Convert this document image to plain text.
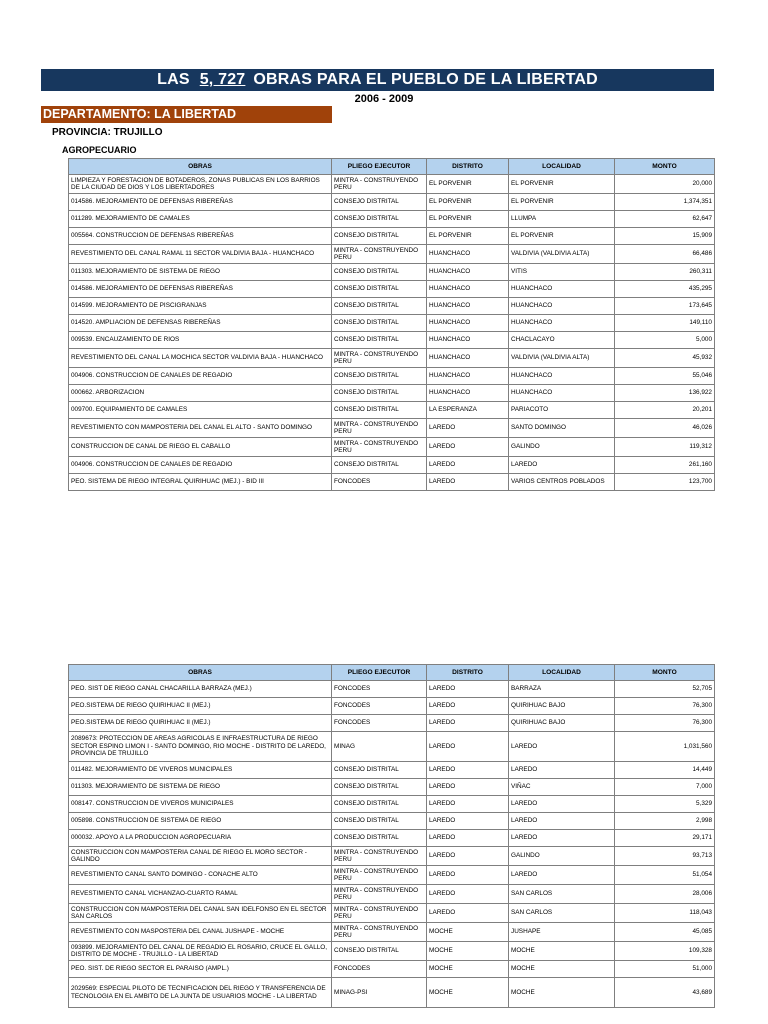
LAS 5, 727 OBRAS PARA EL PUEBLO DE LA LIBERTAD
2006 - 2009
DEPARTAMENTO: LA LIBERTAD
PROVINCIA: TRUJILLO
AGROPECUARIO
OBRAS	PLIEGO EJECUTOR	DISTRITO	LOCALIDAD	MONTO
LIMPIEZA Y FORESTACION DE BOTADEROS, ZONAS PUBLICAS EN LOS BARRIOS DE LA CIUDAD DE DIOS Y LOS LIBERTADORES	MINTRA - CONSTRUYENDO PERU	EL PORVENIR	EL PORVENIR	20,000
014586. MEJORAMIENTO DE DEFENSAS RIBEREÑAS	CONSEJO DISTRITAL	EL PORVENIR	EL PORVENIR	1,374,351
011289. MEJORAMIENTO DE CAMALES	CONSEJO DISTRITAL	EL PORVENIR	LLUMPA	62,647
005564. CONSTRUCCION DE DEFENSAS RIBEREÑAS	CONSEJO DISTRITAL	EL PORVENIR	EL PORVENIR	15,909
REVESTIMIENTO DEL CANAL RAMAL 11 SECTOR VALDIVIA BAJA - HUANCHACO	MINTRA - CONSTRUYENDO PERU	HUANCHACO	VALDIVIA (VALDIVIA ALTA)	66,486
011303. MEJORAMIENTO DE SISTEMA DE RIEGO	CONSEJO DISTRITAL	HUANCHACO	VITIS	260,311
014586. MEJORAMIENTO DE DEFENSAS RIBEREÑAS	CONSEJO DISTRITAL	HUANCHACO	HUANCHACO	435,295
014599. MEJORAMIENTO DE PISCIGRANJAS	CONSEJO DISTRITAL	HUANCHACO	HUANCHACO	173,645
014520. AMPLIACION DE DEFENSAS RIBEREÑAS	CONSEJO DISTRITAL	HUANCHACO	HUANCHACO	149,110
009539. ENCAUZAMIENTO DE RIOS	CONSEJO DISTRITAL	HUANCHACO	CHACLACAYO	5,000
REVESTIMIENTO DEL CANAL LA MOCHICA SECTOR VALDIVIA BAJA - HUANCHACO	MINTRA - CONSTRUYENDO PERU	HUANCHACO	VALDIVIA (VALDIVIA ALTA)	45,932
004906. CONSTRUCCION DE CANALES DE REGADIO	CONSEJO DISTRITAL	HUANCHACO	HUANCHACO	55,046
000662. ARBORIZACION	CONSEJO DISTRITAL	HUANCHACO	HUANCHACO	136,922
009700. EQUIPAMIENTO DE CAMALES	CONSEJO DISTRITAL	LA ESPERANZA	PARIACOTO	20,201
REVESTIMIENTO CON MAMPOSTERIA DEL CANAL EL ALTO - SANTO DOMINGO	MINTRA - CONSTRUYENDO PERU	LAREDO	SANTO DOMINGO	46,026
CONSTRUCCION DE CANAL DE RIEGO EL CABALLO	MINTRA - CONSTRUYENDO PERU	LAREDO	GALINDO	119,312
004906. CONSTRUCCION DE CANALES DE REGADIO	CONSEJO DISTRITAL	LAREDO	LAREDO	261,160
PEO. SISTEMA DE RIEGO INTEGRAL QUIRIHUAC (MEJ.) - BID III	FONCODES	LAREDO	VARIOS CENTROS POBLADOS	123,700
OBRAS	PLIEGO EJECUTOR	DISTRITO	LOCALIDAD	MONTO
PEO. SIST DE RIEGO CANAL CHACARILLA BARRAZA (MEJ.)	FONCODES	LAREDO	BARRAZA	52,705
PEO.SISTEMA DE RIEGO QUIRIHUAC II (MEJ.)	FONCODES	LAREDO	QUIRIHUAC BAJO	76,300
PEO.SISTEMA DE RIEGO QUIRIHUAC II (MEJ.)	FONCODES	LAREDO	QUIRIHUAC BAJO	76,300
2089673: PROTECCION DE AREAS AGRICOLAS E INFRAESTRUCTURA DE RIEGO SECTOR ESPINO LIMON I - SANTO DOMINGO, RIO MOCHE - DISTRITO DE LAREDO, PROVINCIA DE TRUJILLO	MINAG	LAREDO	LAREDO	1,031,560
011482. MEJORAMIENTO DE VIVEROS MUNICIPALES	CONSEJO DISTRITAL	LAREDO	LAREDO	14,449
011303. MEJORAMIENTO DE SISTEMA DE RIEGO	CONSEJO DISTRITAL	LAREDO	VIÑAC	7,000
008147. CONSTRUCCION DE VIVEROS MUNICIPALES	CONSEJO DISTRITAL	LAREDO	LAREDO	5,329
005898. CONSTRUCCION DE SISTEMA DE RIEGO	CONSEJO DISTRITAL	LAREDO	LAREDO	2,998
000032. APOYO A LA PRODUCCION AGROPECUARIA	CONSEJO DISTRITAL	LAREDO	LAREDO	29,171
CONSTRUCCION CON MAMPOSTERIA CANAL DE RIEGO EL MORO SECTOR - GALINDO	MINTRA - CONSTRUYENDO PERU	LAREDO	GALINDO	93,713
REVESTIMIENTO CANAL SANTO DOMINGO - CONACHE ALTO	MINTRA - CONSTRUYENDO PERU	LAREDO	LAREDO	51,054
REVESTIMIENTO CANAL VICHANZAO-CUARTO RAMAL	MINTRA - CONSTRUYENDO PERU	LAREDO	SAN CARLOS	28,006
CONSTRUCCION CON MAMPOSTERIA DEL CANAL SAN IDELFONSO EN EL SECTOR SAN CARLOS	MINTRA - CONSTRUYENDO PERU	LAREDO	SAN CARLOS	118,043
REVESTIMIENTO CON MASPOSTERIA DEL CANAL JUSHAPE - MOCHE	MINTRA - CONSTRUYENDO PERU	MOCHE	JUSHAPE	45,085
093899. MEJORAMIENTO DEL CANAL DE REGADIO EL ROSARIO, CRUCE EL GALLO, DISTRITO DE MOCHE - TRUJILLO - LA LIBERTAD	CONSEJO DISTRITAL	MOCHE	MOCHE	109,328
PEO. SIST. DE RIEGO SECTOR EL PARAISO (AMPL.)	FONCODES	MOCHE	MOCHE	51,000
2029569: ESPECIAL PILOTO DE TECNIFICACION DEL RIEGO Y TRANSFERENCIA DE TECNOLOGIA EN EL AMBITO DE LA JUNTA DE USUARIOS MOCHE - LA LIBERTAD	MINAG-PSI	MOCHE	MOCHE	43,689
